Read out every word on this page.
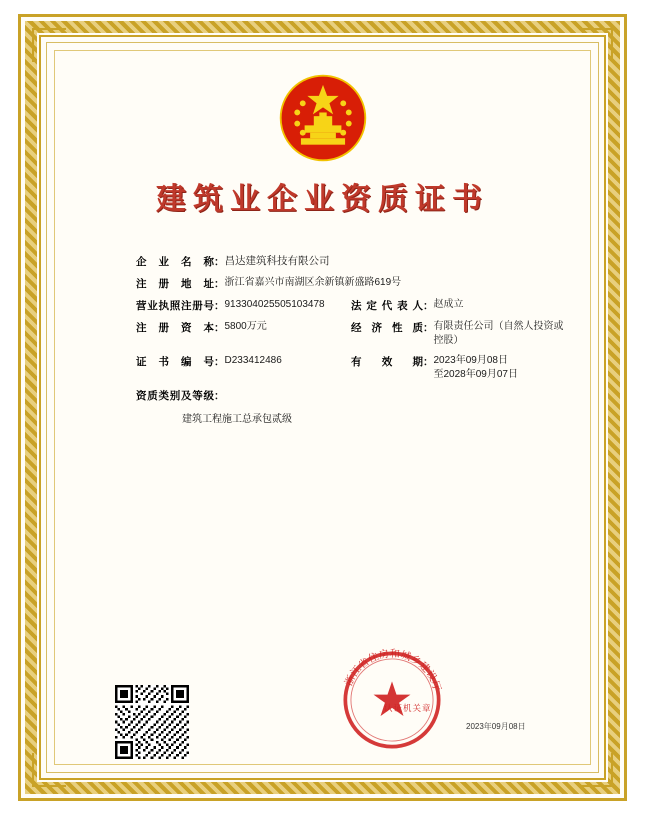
建筑业企业资质证书
企业名称 ： 昌达建筑科技有限公司
注册地址 ： 浙江省嘉兴市南湖区余新镇新盛路619号
营业执照注册号 ： 913304025505103478	法定代表人 ： 赵成立
注册资本 ： 5800万元	经济性质 ： 有限责任公司（自然人投资或控股）
证书编号 ： D233412486	有效期 ： 2023年09月08日
至2028年09月07日
资质类别及等级 ：
建筑工程施工总承包贰级
浙江省住房和城乡建设厅
认证机关章
2023年09月08日
